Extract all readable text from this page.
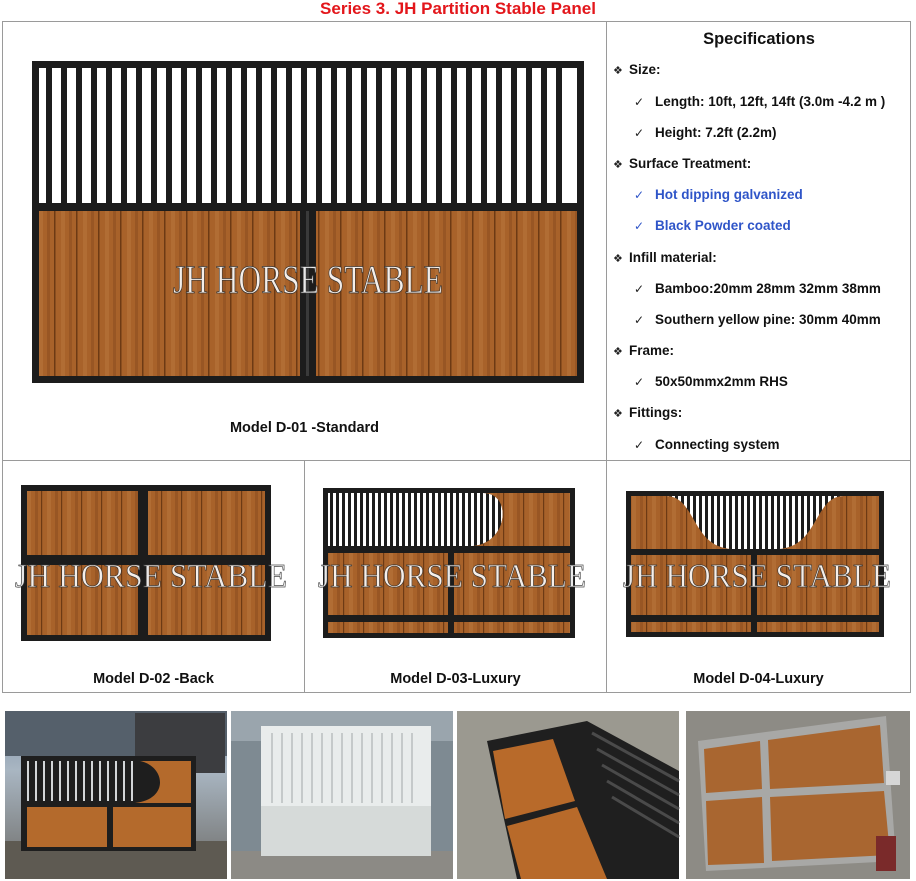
Series 3. JH Partition Stable Panel
JH HORSE STABLE
Model D-01 -Standard
Specifications
❖ Size:
✓ Length: 10ft, 12ft, 14ft (3.0m -4.2 m )
✓ Height: 7.2ft (2.2m)
❖ Surface Treatment:
✓ Hot dipping galvanized
✓ Black Powder coated
❖ Infill material:
✓ Bamboo:20mm 28mm 32mm 38mm
✓ Southern yellow pine: 30mm 40mm
❖ Frame:
✓ 50x50mmx2mm RHS
❖ Fittings:
✓ Connecting system
JH HORSE STABLE
Model D-02 -Back
JH HORSE STABLE
Model D-03-Luxury
JH HORSE STABLE
Model D-04-Luxury
